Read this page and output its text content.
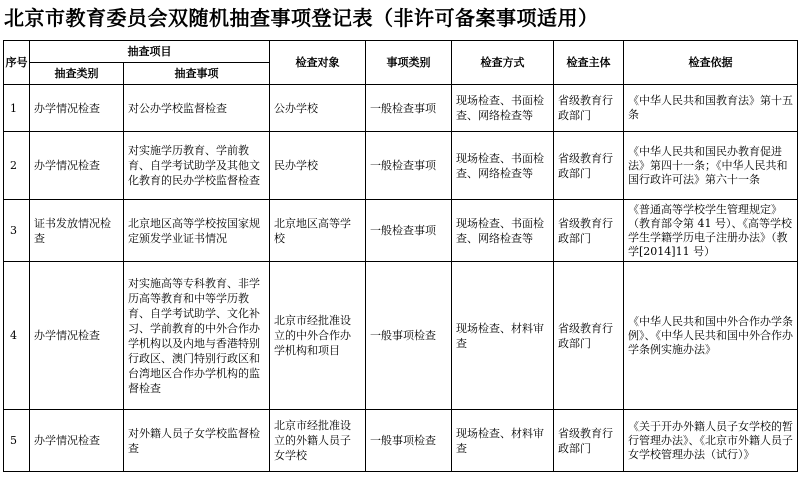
北京市教育委员会双随机抽查事项登记表（非许可备案事项适用）
序号	抽查项目		检查对象	事项类别	检查方式	检查主体	检查依据
	抽查类别	抽查事项					
1	办学情况检查	对公办学校监督检查	公办学校	一般检查事项	现场检查、书面检查、网络检查等	省级教育行政部门	《中华人民共和国教育法》第十五条
2	办学情况检查	对实施学历教育、学前教育、自学考试助学及其他文化教育的民办学校监督检查	民办学校	一般检查事项	现场检查、书面检查、网络检查等	省级教育行政部门	《中华人民共和国民办教育促进法》第四十一条；《中华人民共和国行政许可法》第六十一条
3	证书发放情况检查	北京地区高等学校按国家规定颁发学业证书情况	北京地区高等学校	一般检查事项	现场检查、书面检查、网络检查等	省级教育行政部门	《普通高等学校学生管理规定》（教育部令第 41 号）、《高等学校学生学籍学历电子注册办法》（教学[2014]11 号）
4	办学情况检查	对实施高等专科教育、非学历高等教育和中等学历教育、自学考试助学、文化补习、学前教育的中外合作办学机构以及内地与香港特别行政区、澳门特别行政区和台湾地区合作办学机构的监督检查	北京市经批准设立的中外合作办学机构和项目	一般事项检查	现场检查、材料审查	省级教育行政部门	《中华人民共和国中外合作办学条例》、《中华人民共和国中外合作办学条例实施办法》
5	办学情况检查	对外籍人员子女学校监督检查	北京市经批准设立的外籍人员子女学校	一般事项检查	现场检查、材料审查	省级教育行政部门	《关于开办外籍人员子女学校的暂行管理办法》、《北京市外籍人员子女学校管理办法（试行）》
